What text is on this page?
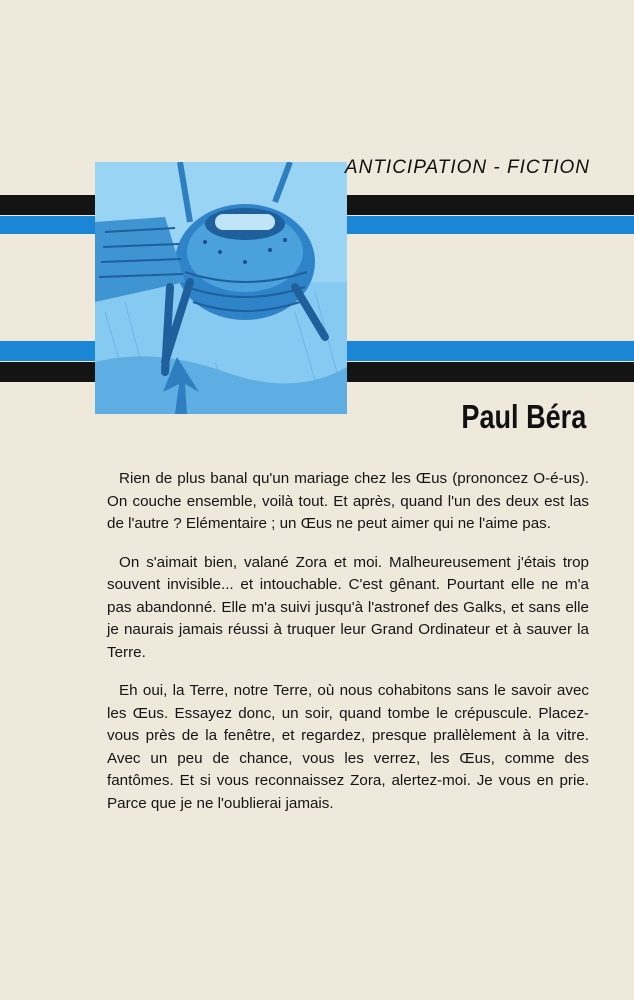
ANTICIPATION - FICTION
Paul Béra

Rien de plus banal qu'un mariage chez les Œus (prononcez O-é-us). On couche ensemble, voilà tout. Et après, quand l'un des deux est las de l'autre ? Elémentaire ; un Œus ne peut aimer qui ne l'aime pas.

On s'aimait bien, valané Zora et moi. Malheureusement j'étais trop souvent invisible... et intouchable. C'est gênant. Pourtant elle ne m'a pas abandonné. Elle m'a suivi jusqu'à l'astronef des Galks, et sans elle je naurais jamais réussi à truquer leur Grand Ordinateur et à sauver la Terre.

Eh oui, la Terre, notre Terre, où nous cohabitons sans le savoir avec les Œus. Essayez donc, un soir, quand tombe le crépuscule. Placez-vous près de la fenêtre, et regardez, presque prallèlement à la vitre. Avec un peu de chance, vous les verrez, les Œus, comme des fantômes. Et si vous reconnaissez Zora, alertez-moi. Je vous en prie. Parce que je ne l'oublierai jamais.
